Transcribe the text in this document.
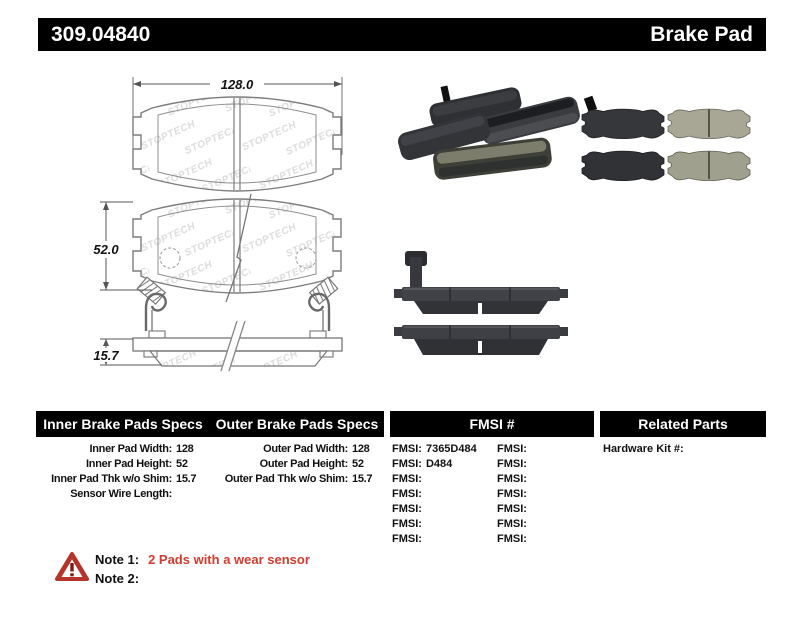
309.04840	Brake Pad
128.0
52.0
15.7
Inner Brake Pads Specs Outer Brake Pads Specs	FMSI #	Related Parts
Inner Pad Width: 128
Inner Pad Height: 52
Inner Pad Thk w/o Shim: 15.7
Sensor Wire Length:
Outer Pad Width: 128
Outer Pad Height: 52
Outer Pad Thk w/o Shim: 15.7
FMSI: 7365D484
FMSI: D484
FMSI:
FMSI:
FMSI:
FMSI:
FMSI:
FMSI:
FMSI:
FMSI:
FMSI:
FMSI:
FMSI:
FMSI:
Hardware Kit #:
Note 1: 2 Pads with a wear sensor
Note 2:
